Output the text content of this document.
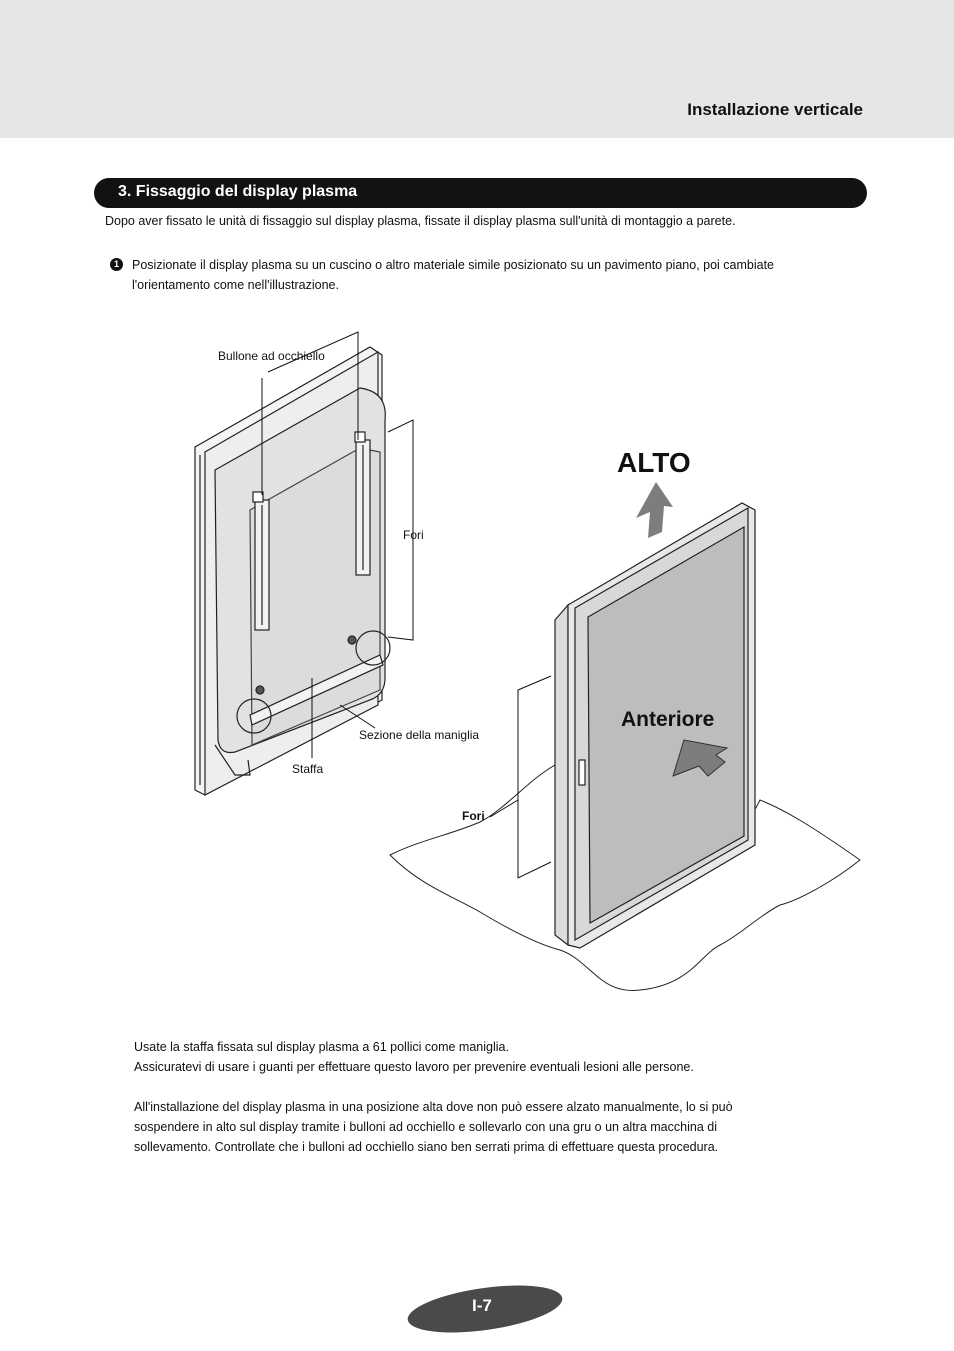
Installazione verticale
3. Fissaggio del display plasma
Dopo aver fissato le unità di fissaggio sul display plasma, fissate il display plasma sull'unità di montaggio a parete.
1	Posizionate il display plasma su un cuscino o altro materiale simile posizionato su un pavimento piano, poi cambiate l'orientamento come nell'illustrazione.
Bullone ad occhiello
Fori
Sezione della maniglia
Staffa
Fori
ALTO
Anteriore

Usate la staffa fissata sul display plasma a 61 pollici come maniglia.

Assicuratevi di usare i guanti per effettuare questo lavoro per prevenire eventuali lesioni alle persone.

All'installazione del display plasma in una posizione alta dove non può essere alzato manualmente, lo si può sospendere in alto sul display tramite i bulloni ad occhiello e sollevarlo con una gru o un altra macchina di sollevamento. Controllate che i bulloni ad occhiello siano ben serrati prima di effettuare questa procedura.

I-7
